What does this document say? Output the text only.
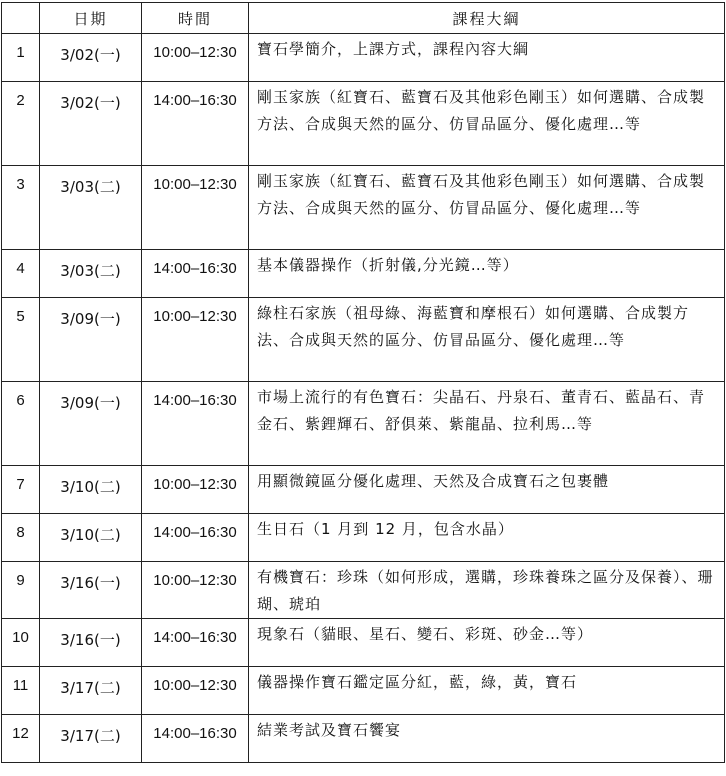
	日期	時間	課程大綱
1	3/02(一)	10:00–12:30	寶石學簡介，上課方式，課程內容大綱
2	3/02(一)	14:00–16:30	剛玉家族（紅寶石、藍寶石及其他彩色剛玉）如何選購、合成製方法、合成與天然的區分、仿冒品區分、優化處理…等
3	3/03(二)	10:00–12:30	剛玉家族（紅寶石、藍寶石及其他彩色剛玉）如何選購、合成製方法、合成與天然的區分、仿冒品區分、優化處理…等
4	3/03(二)	14:00–16:30	基本儀器操作（折射儀,分光鏡…等）
5	3/09(一)	10:00–12:30	綠柱石家族（祖母綠、海藍寶和摩根石）如何選購、合成製方法、合成與天然的區分、仿冒品區分、優化處理…等
6	3/09(一)	14:00–16:30	市場上流行的有色寶石：尖晶石、丹泉石、董青石、藍晶石、青金石、紫鋰輝石、舒俱萊、紫龍晶、拉利馬…等
7	3/10(二)	10:00–12:30	用顯微鏡區分優化處理、天然及合成寶石之包裹體
8	3/10(二)	14:00–16:30	生日石（1 月到 12 月，包含水晶）
9	3/16(一)	10:00–12:30	有機寶石：珍珠（如何形成，選購，珍珠養珠之區分及保養）、珊瑚、琥珀
10	3/16(一)	14:00–16:30	現象石（貓眼、星石、變石、彩斑、砂金…等）
11	3/17(二)	10:00–12:30	儀器操作寶石鑑定區分紅，藍，綠，黃，寶石
12	3/17(二)	14:00–16:30	結業考試及寶石饗宴
